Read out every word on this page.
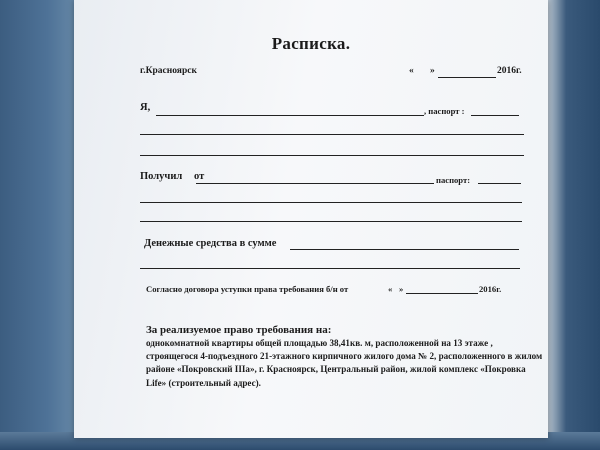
Расписка.
г.Красноярск	« »	2016г.
Я,	, паспорт :
Получил от	паспорт:
Денежные средства в сумме
Согласно договора уступки права требования б/н от	« »	2016г.
За реализуемое право требования на:
однокомнатной квартиры общей площадью 38,41кв. м, расположенной на 13 этаже , строящегося 4-подъездного 21-этажного кирпичного жилого дома № 2, расположенного в жилом районе «Покровский IIIа», г. Красноярск, Центральный район, жилой комплекс «Покровка Life» (строительный адрес).
